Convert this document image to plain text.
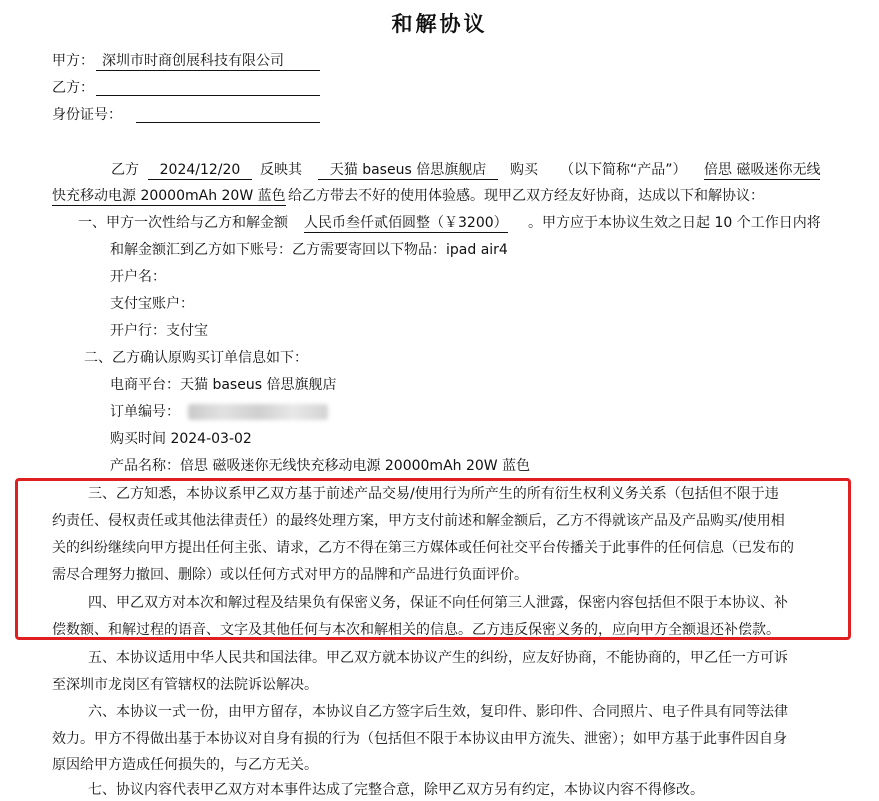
和解协议
甲方： 深圳市时商创展科技有限公司
乙方：
身份证号：
乙方	2024/12/20	反映其	天猫 baseus 倍思旗舰店	购买 （以下简称“产品”） 倍思 磁吸迷你无线
快充移动电源 20000mAh 20W 蓝色 给乙方带去不好的使用体验感。现甲乙双方经友好协商，达成以下和解协议：
一、甲方一次性给与乙方和解金额 人民币叁仟贰佰圆整（￥3200） 。甲方应于本协议生效之日起 10 个工作日内将
和解金额汇到乙方如下账号：乙方需要寄回以下物品：ipad air4
开户名：
支付宝账户：
开户行：支付宝
二、乙方确认原购买订单信息如下：
电商平台：天猫 baseus 倍思旗舰店
订单编号：
购买时间 2024-03-02
产品名称：倍思 磁吸迷你无线快充移动电源 20000mAh 20W 蓝色
三、乙方知悉，本协议系甲乙双方基于前述产品交易/使用行为所产生的所有衍生权利义务关系（包括但不限于违
约责任、侵权责任或其他法律责任）的最终处理方案，甲方支付前述和解金额后，乙方不得就该产品及产品购买/使用相
关的纠纷继续向甲方提出任何主张、请求，乙方不得在第三方媒体或任何社交平台传播关于此事件的任何信息（已发布的
需尽合理努力撤回、删除）或以任何方式对甲方的品牌和产品进行负面评价。
四、甲乙双方对本次和解过程及结果负有保密义务，保证不向任何第三人泄露，保密内容包括但不限于本协议、补
偿数额、和解过程的语音、文字及其他任何与本次和解相关的信息。乙方违反保密义务的，应向甲方全额退还补偿款。
五、本协议适用中华人民共和国法律。甲乙双方就本协议产生的纠纷，应友好协商，不能协商的，甲乙任一方可诉
至深圳市龙岗区有管辖权的法院诉讼解决。
六、本协议一式一份，由甲方留存，本协议自乙方签字后生效，复印件、影印件、合同照片、电子件具有同等法律
效力。甲方不得做出基于本协议对自身有损的行为（包括但不限于本协议由甲方流失、泄密）；如甲方基于此事件因自身
原因给甲方造成任何损失的，与乙方无关。
七、协议内容代表甲乙双方对本事件达成了完整合意，除甲乙双方另有约定，本协议内容不得修改。
